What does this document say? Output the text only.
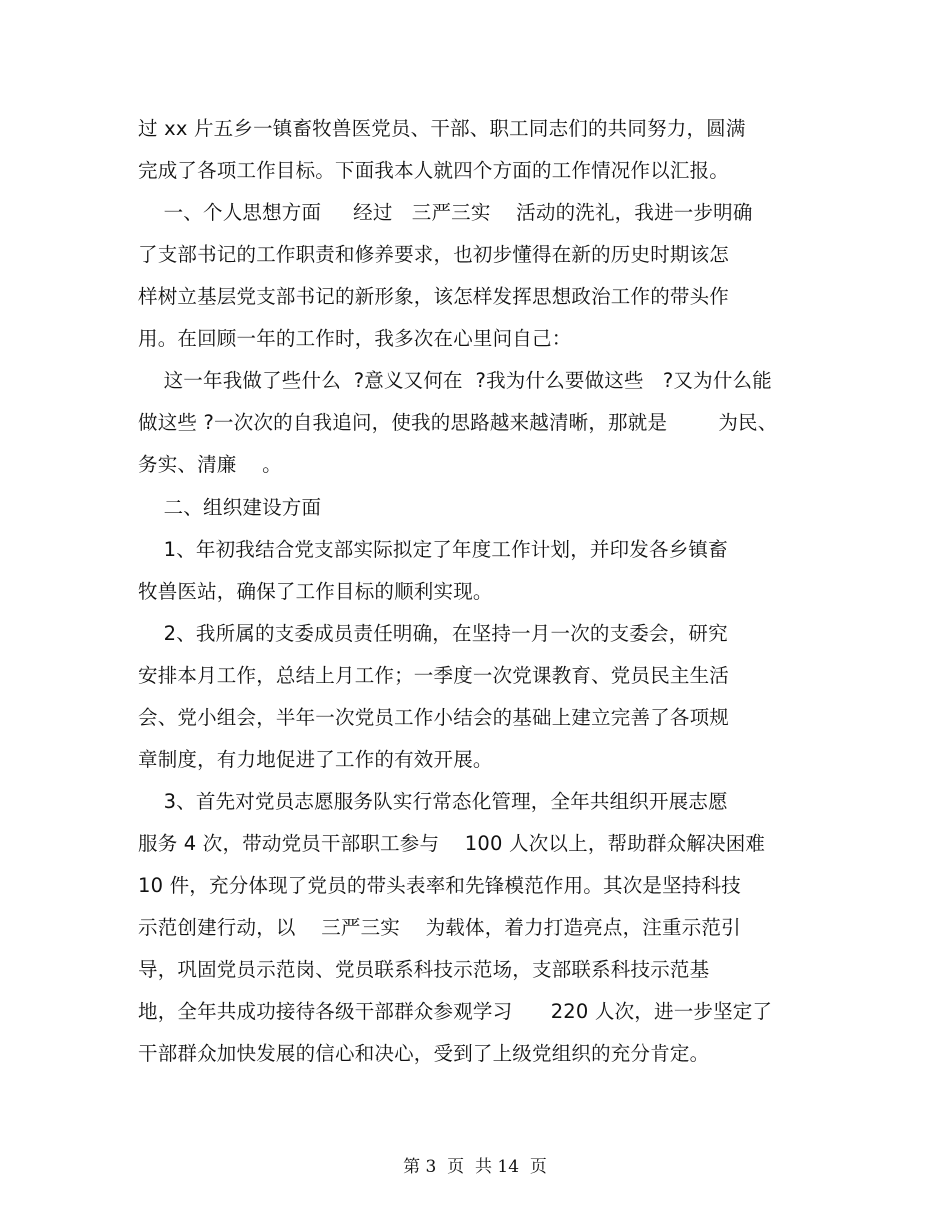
过 xx 片五乡一镇畜牧兽医党员、干部、职工同志们的共同努力，圆满
完成了各项工作目标。下面我本人就四个方面的工作情况作以汇报。
一、个人思想方面     经过   三严三实    活动的洗礼，我进一步明确
了支部书记的工作职责和修养要求，也初步懂得在新的历史时期该怎
样树立基层党支部书记的新形象，该怎样发挥思想政治工作的带头作
用。在回顾一年的工作时，我多次在心里问自己：
这一年我做了些什么  ?意义又何在  ?我为什么要做这些   ?又为什么能
做这些 ?一次次的自我追问，使我的思路越来越清晰，那就是        为民、
务实、清廉    。
二、组织建设方面
1、年初我结合党支部实际拟定了年度工作计划，并印发各乡镇畜
牧兽医站，确保了工作目标的顺利实现。
2、我所属的支委成员责任明确，在坚持一月一次的支委会，研究
安排本月工作，总结上月工作；一季度一次党课教育、党员民主生活
会、党小组会，半年一次党员工作小结会的基础上建立完善了各项规
章制度，有力地促进了工作的有效开展。
3、首先对党员志愿服务队实行常态化管理，全年共组织开展志愿
服务 4 次，带动党员干部职工参与    100 人次以上，帮助群众解决困难
10 件，充分体现了党员的带头表率和先锋模范作用。其次是坚持科技
示范创建行动，以    三严三实    为载体，着力打造亮点，注重示范引
导，巩固党员示范岗、党员联系科技示范场，支部联系科技示范基
地，全年共成功接待各级干部群众参观学习      220 人次，进一步坚定了
干部群众加快发展的信心和决心，受到了上级党组织的充分肯定。
第 3  页  共 14  页
